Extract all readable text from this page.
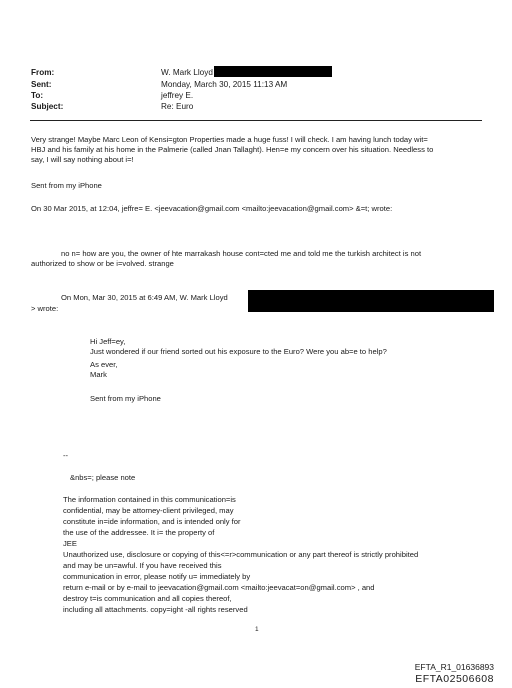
From:	W. Mark Lloyd
Sent:	Monday, March 30, 2015 11:13 AM
To:	jeffrey E.
Subject:	Re: Euro
Very strange! Maybe Marc Leon of Kensi=gton Properties made a huge fuss! I will check. I am having lunch today wit=
HBJ and his family at his home in the Palmerie (called Jnan Tallaght). Hen=e my concern over his situation. Needless to
say, I will say nothing about i=!
Sent from my iPhone
On 30 Mar 2015, at 12:04, jeffre= E. <jeevacation@gmail.com <mailto:jeevacation@gmail.com> &=t; wrote:
no n= how are you, the owner of hte marrakash house cont=cted me and told me the turkish architect is not
authorized to show or be i=volved. strange
On Mon, Mar 30, 2015 at 6:49 AM, W. Mark Lloyd
> wrote:
Hi Jeff=ey,
Just wondered if our friend sorted out his exposure to the Euro? Were you ab=e to help?
As ever,
Mark
Sent from my iPhone
--
&nbs=; please note
The information contained in this communication=is
confidential, may be attorney-client privileged, may
constitute in=ide information, and is intended only for
the use of the addressee. It i= the property of
JEE
Unauthorized use, disclosure or copying of this<=r>communication or any part thereof is strictly prohibited
and may be un=awful. If you have received this
communication in error, please notify u= immediately by
return e-mail or by e-mail to jeevacation@gmail.com <mailto:jeevacat=on@gmail.com> , and
destroy t=is communication and all copies thereof,
including all attachments. copy=ight -all rights reserved
1
EFTA_R1_01636893
EFTA02506608
